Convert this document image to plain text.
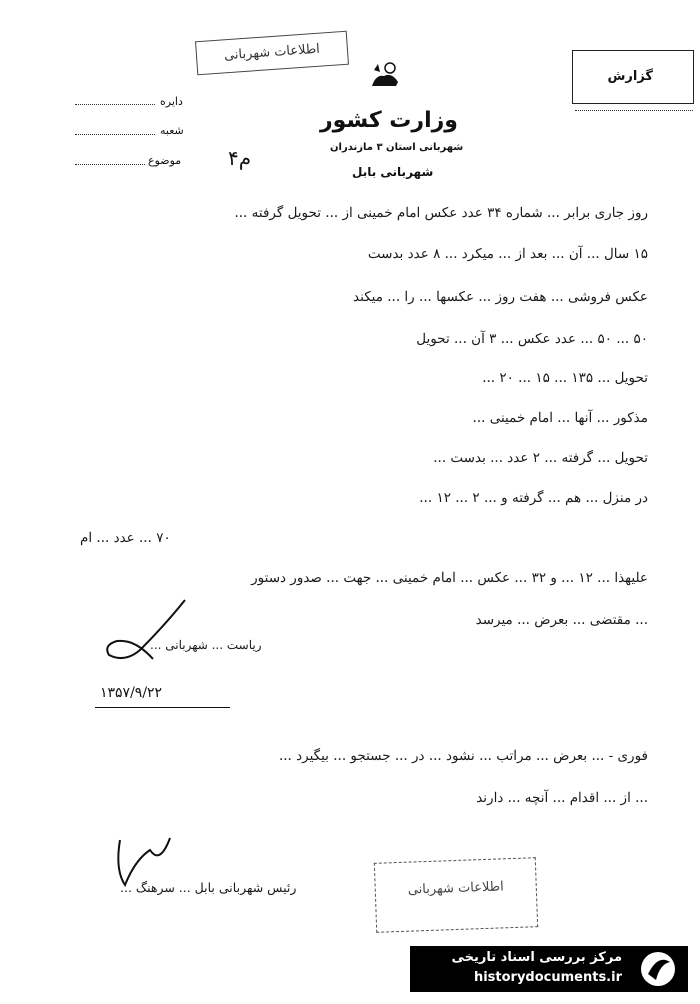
اطلاعات شهربانی
گزارش
دایره
شعبه
موضوع
وزارت کشور
شهربانی استان ۳ مازندران
شهربانی بابل
م۴
روز جاری برابر ... شماره ۳۴ عدد عکس امام خمینی از ... تحویل گرفته ...
۱۵ سال ... آن ... بعد از ... میکرد ... ۸ عدد بدست
عکس فروشی ... هفت روز ... عکسها ... را ... میکند
۵۰ ... ۵۰ ... عدد عکس ... ۳ آن ... تحویل
تحویل ... ۱۳۵ ... ۱۵ ... ۲۰ ...
مذکور ... آنها ... امام خمینی ...
تحویل ... گرفته ... ۲ عدد ... بدست ...
در منزل ... هم ... گرفته و ... ۲ ... ۱۲ ...
۷۰ ... عدد ... ام
علیهذا ... ۱۲ ... و ۳۲ ... عکس ... امام خمینی ... جهت ... صدور دستور
... مقتضی ... بعرض ... میرسد
ریاست ... شهربانی ...
۱۳۵۷/۹/۲۲
فوری - ... بعرض ... مراتب ... نشود ... در ... جستجو ... بیگیرد ...
... از ... اقدام ... آنچه ... دارند
رئیس شهربانی بابل ... سرهنگ ...	اطلاعات شهربانی
مرکز بررسی اسناد تاریخی
historydocuments.ir
